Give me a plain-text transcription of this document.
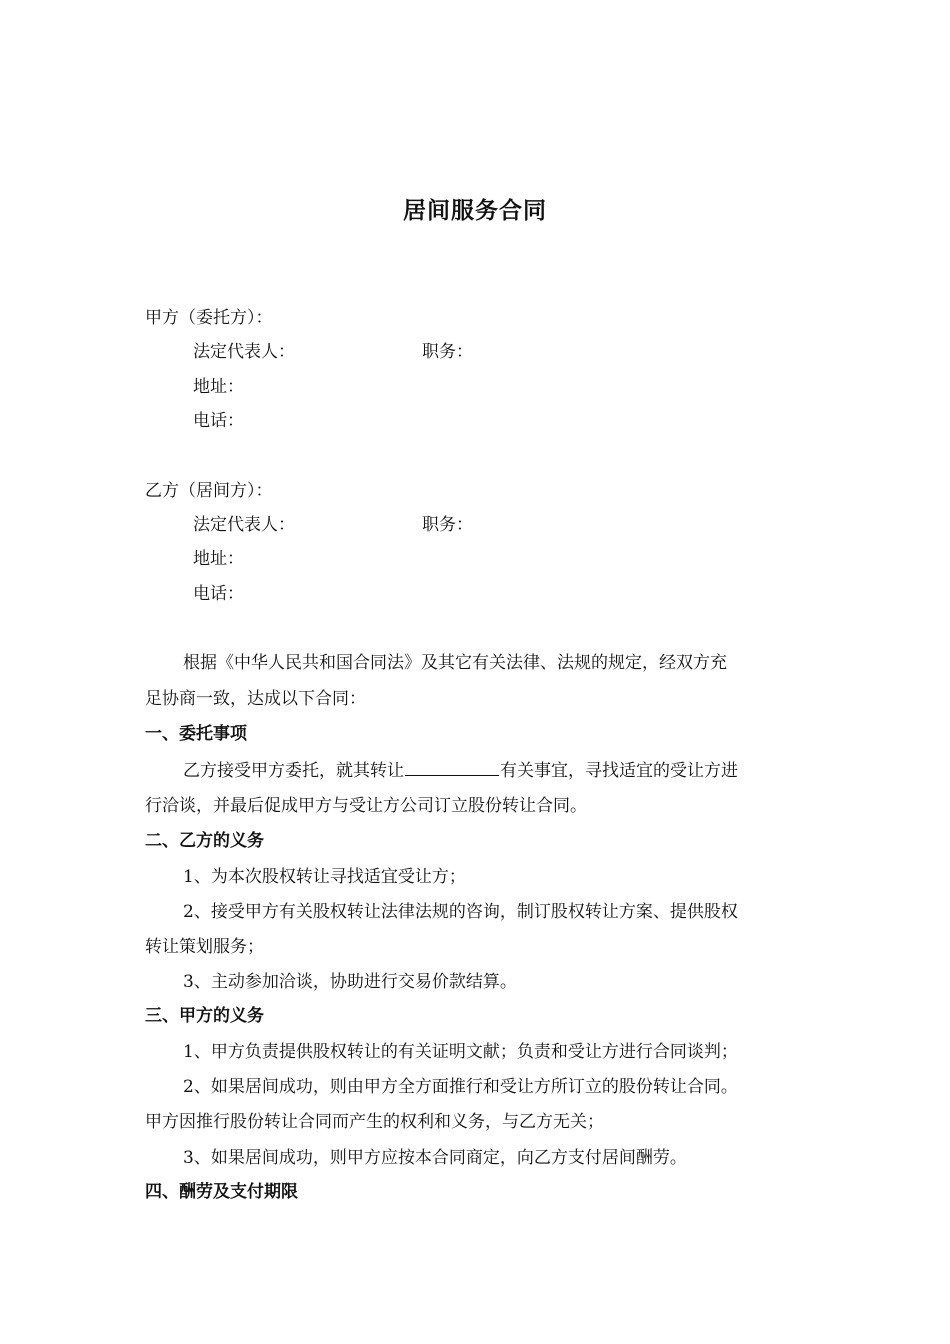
居间服务合同
甲方（委托方）：
法定代表人：	职务：
地址：
电话：
乙方（居间方）：
法定代表人：	职务：
地址：
电话：
根据《中华人民共和国合同法》及其它有关法律、法规的规定，经双方充
足协商一致，达成以下合同：
一、委托事项
乙方接受甲方委托，就其转让	有关事宜，寻找适宜的受让方进
行洽谈，并最后促成甲方与受让方公司订立股份转让合同。
二、乙方的义务
1、为本次股权转让寻找适宜受让方；
2、接受甲方有关股权转让法律法规的咨询，制订股权转让方案、提供股权
转让策划服务；
3、主动参加洽谈，协助进行交易价款结算。
三、甲方的义务
1、甲方负责提供股权转让的有关证明文献；负责和受让方进行合同谈判；
2、如果居间成功，则由甲方全方面推行和受让方所订立的股份转让合同。
甲方因推行股份转让合同而产生的权利和义务，与乙方无关；
3、如果居间成功，则甲方应按本合同商定，向乙方支付居间酬劳。
四、酬劳及支付期限
